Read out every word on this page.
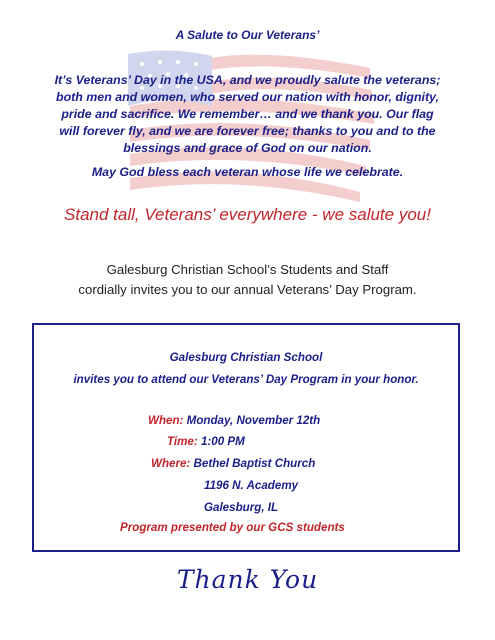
A Salute to Our Veterans’
It’s Veterans’ Day in the USA, and we proudly salute the veterans;
both men and women, who served our nation with honor, dignity,
pride and sacrifice. We remember… and we thank you. Our flag
will forever fly, and we are forever free; thanks to you and to the
blessings and grace of God on our nation.
May God bless each veteran whose life we celebrate.
Stand tall, Veterans’ everywhere - we salute you!
Galesburg Christian School’s Students and Staff
cordially invites you to our annual Veterans’ Day Program.
Galesburg Christian School
invites you to attend our Veterans’ Day Program in your honor.
When: Monday, November 12th
Time: 1:00 PM
Where: Bethel Baptist Church
1196 N. Academy
Galesburg, IL
Program presented by our GCS students
Thank You
